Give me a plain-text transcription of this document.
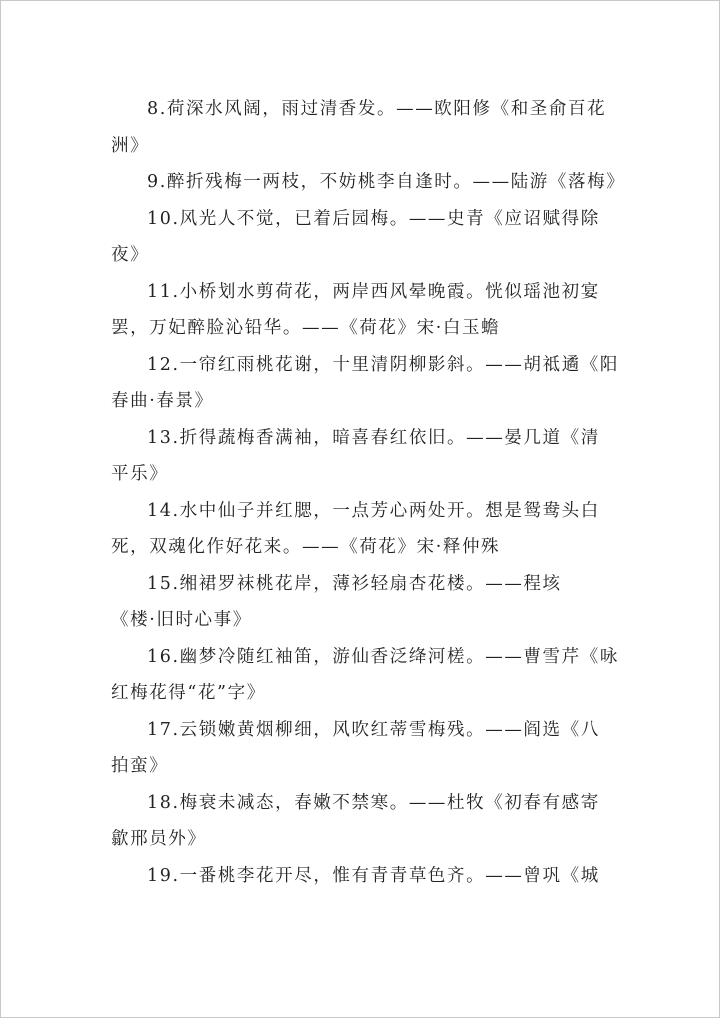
8.荷深水风阔，雨过清香发。——欧阳修《和圣俞百花
洲》
9.醉折残梅一两枝，不妨桃李自逢时。——陆游《落梅》
10.风光人不觉，已着后园梅。——史青《应诏赋得除
夜》
11.小桥划水剪荷花，两岸西风晕晚霞。恍似瑶池初宴
罢，万妃醉脸沁铅华。——《荷花》宋·白玉蟾
12.一帘红雨桃花谢，十里清阴柳影斜。——胡祗遹《阳
春曲·春景》
13.折得蔬梅香满袖，暗喜春红依旧。——晏几道《清
平乐》
14.水中仙子并红腮，一点芳心两处开。想是鸳鸯头白
死，双魂化作好花来。——《荷花》宋·释仲殊
15.缃裙罗袜桃花岸，薄衫轻扇杏花楼。——程垓
《楼·旧时心事》
16.幽梦冷随红袖笛，游仙香泛绛河槎。——曹雪芹《咏
红梅花得“花”字》
17.云锁嫩黄烟柳细，风吹红蒂雪梅残。——阎选《八
拍蛮》
18.梅衰未减态，春嫩不禁寒。——杜牧《初春有感寄
歙邢员外》
19.一番桃李花开尽，惟有青青草色齐。——曾巩《城
